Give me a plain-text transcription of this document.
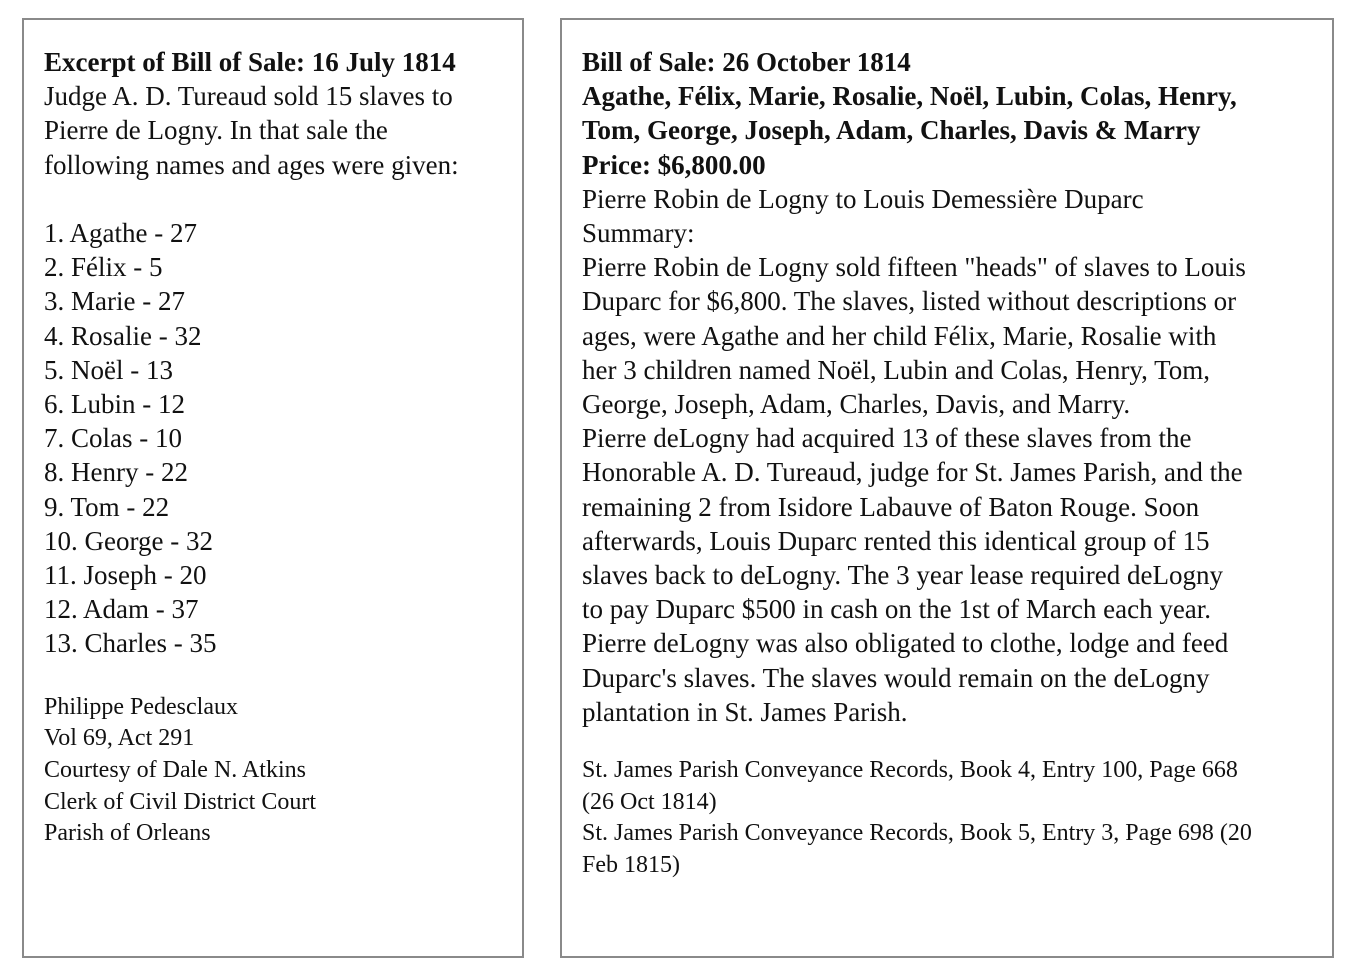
Excerpt of Bill of Sale: 16 July 1814
Judge A. D. Tureaud sold 15 slaves to
Pierre de Logny. In that sale the
following names and ages were given:
1. Agathe - 27
2. Félix - 5
3. Marie - 27
4. Rosalie - 32
5. Noël - 13
6. Lubin - 12
7. Colas - 10
8. Henry - 22
9. Tom - 22
10. George - 32
11. Joseph - 20
12. Adam - 37
13. Charles - 35
Philippe Pedesclaux
Vol 69, Act 291
Courtesy of Dale N. Atkins
Clerk of Civil District Court
Parish of Orleans
Bill of Sale: 26 October 1814
Agathe, Félix, Marie, Rosalie, Noël, Lubin, Colas, Henry,
Tom, George, Joseph, Adam, Charles, Davis & Marry
Price: $6,800.00
Pierre Robin de Logny to Louis Demessière Duparc
Summary:
Pierre Robin de Logny sold fifteen "heads" of slaves to Louis
Duparc for $6,800. The slaves, listed without descriptions or
ages, were Agathe and her child Félix, Marie, Rosalie with
her 3 children named Noël, Lubin and Colas, Henry, Tom,
George, Joseph, Adam, Charles, Davis, and Marry.
Pierre deLogny had acquired 13 of these slaves from the
Honorable A. D. Tureaud, judge for St. James Parish, and the
remaining 2 from Isidore Labauve of Baton Rouge. Soon
afterwards, Louis Duparc rented this identical group of 15
slaves back to deLogny. The 3 year lease required deLogny
to pay Duparc $500 in cash on the 1st of March each year.
Pierre deLogny was also obligated to clothe, lodge and feed
Duparc's slaves. The slaves would remain on the deLogny
plantation in St. James Parish.
St. James Parish Conveyance Records, Book 4, Entry 100, Page 668
(26 Oct 1814)
St. James Parish Conveyance Records, Book 5, Entry 3, Page 698 (20
Feb 1815)
